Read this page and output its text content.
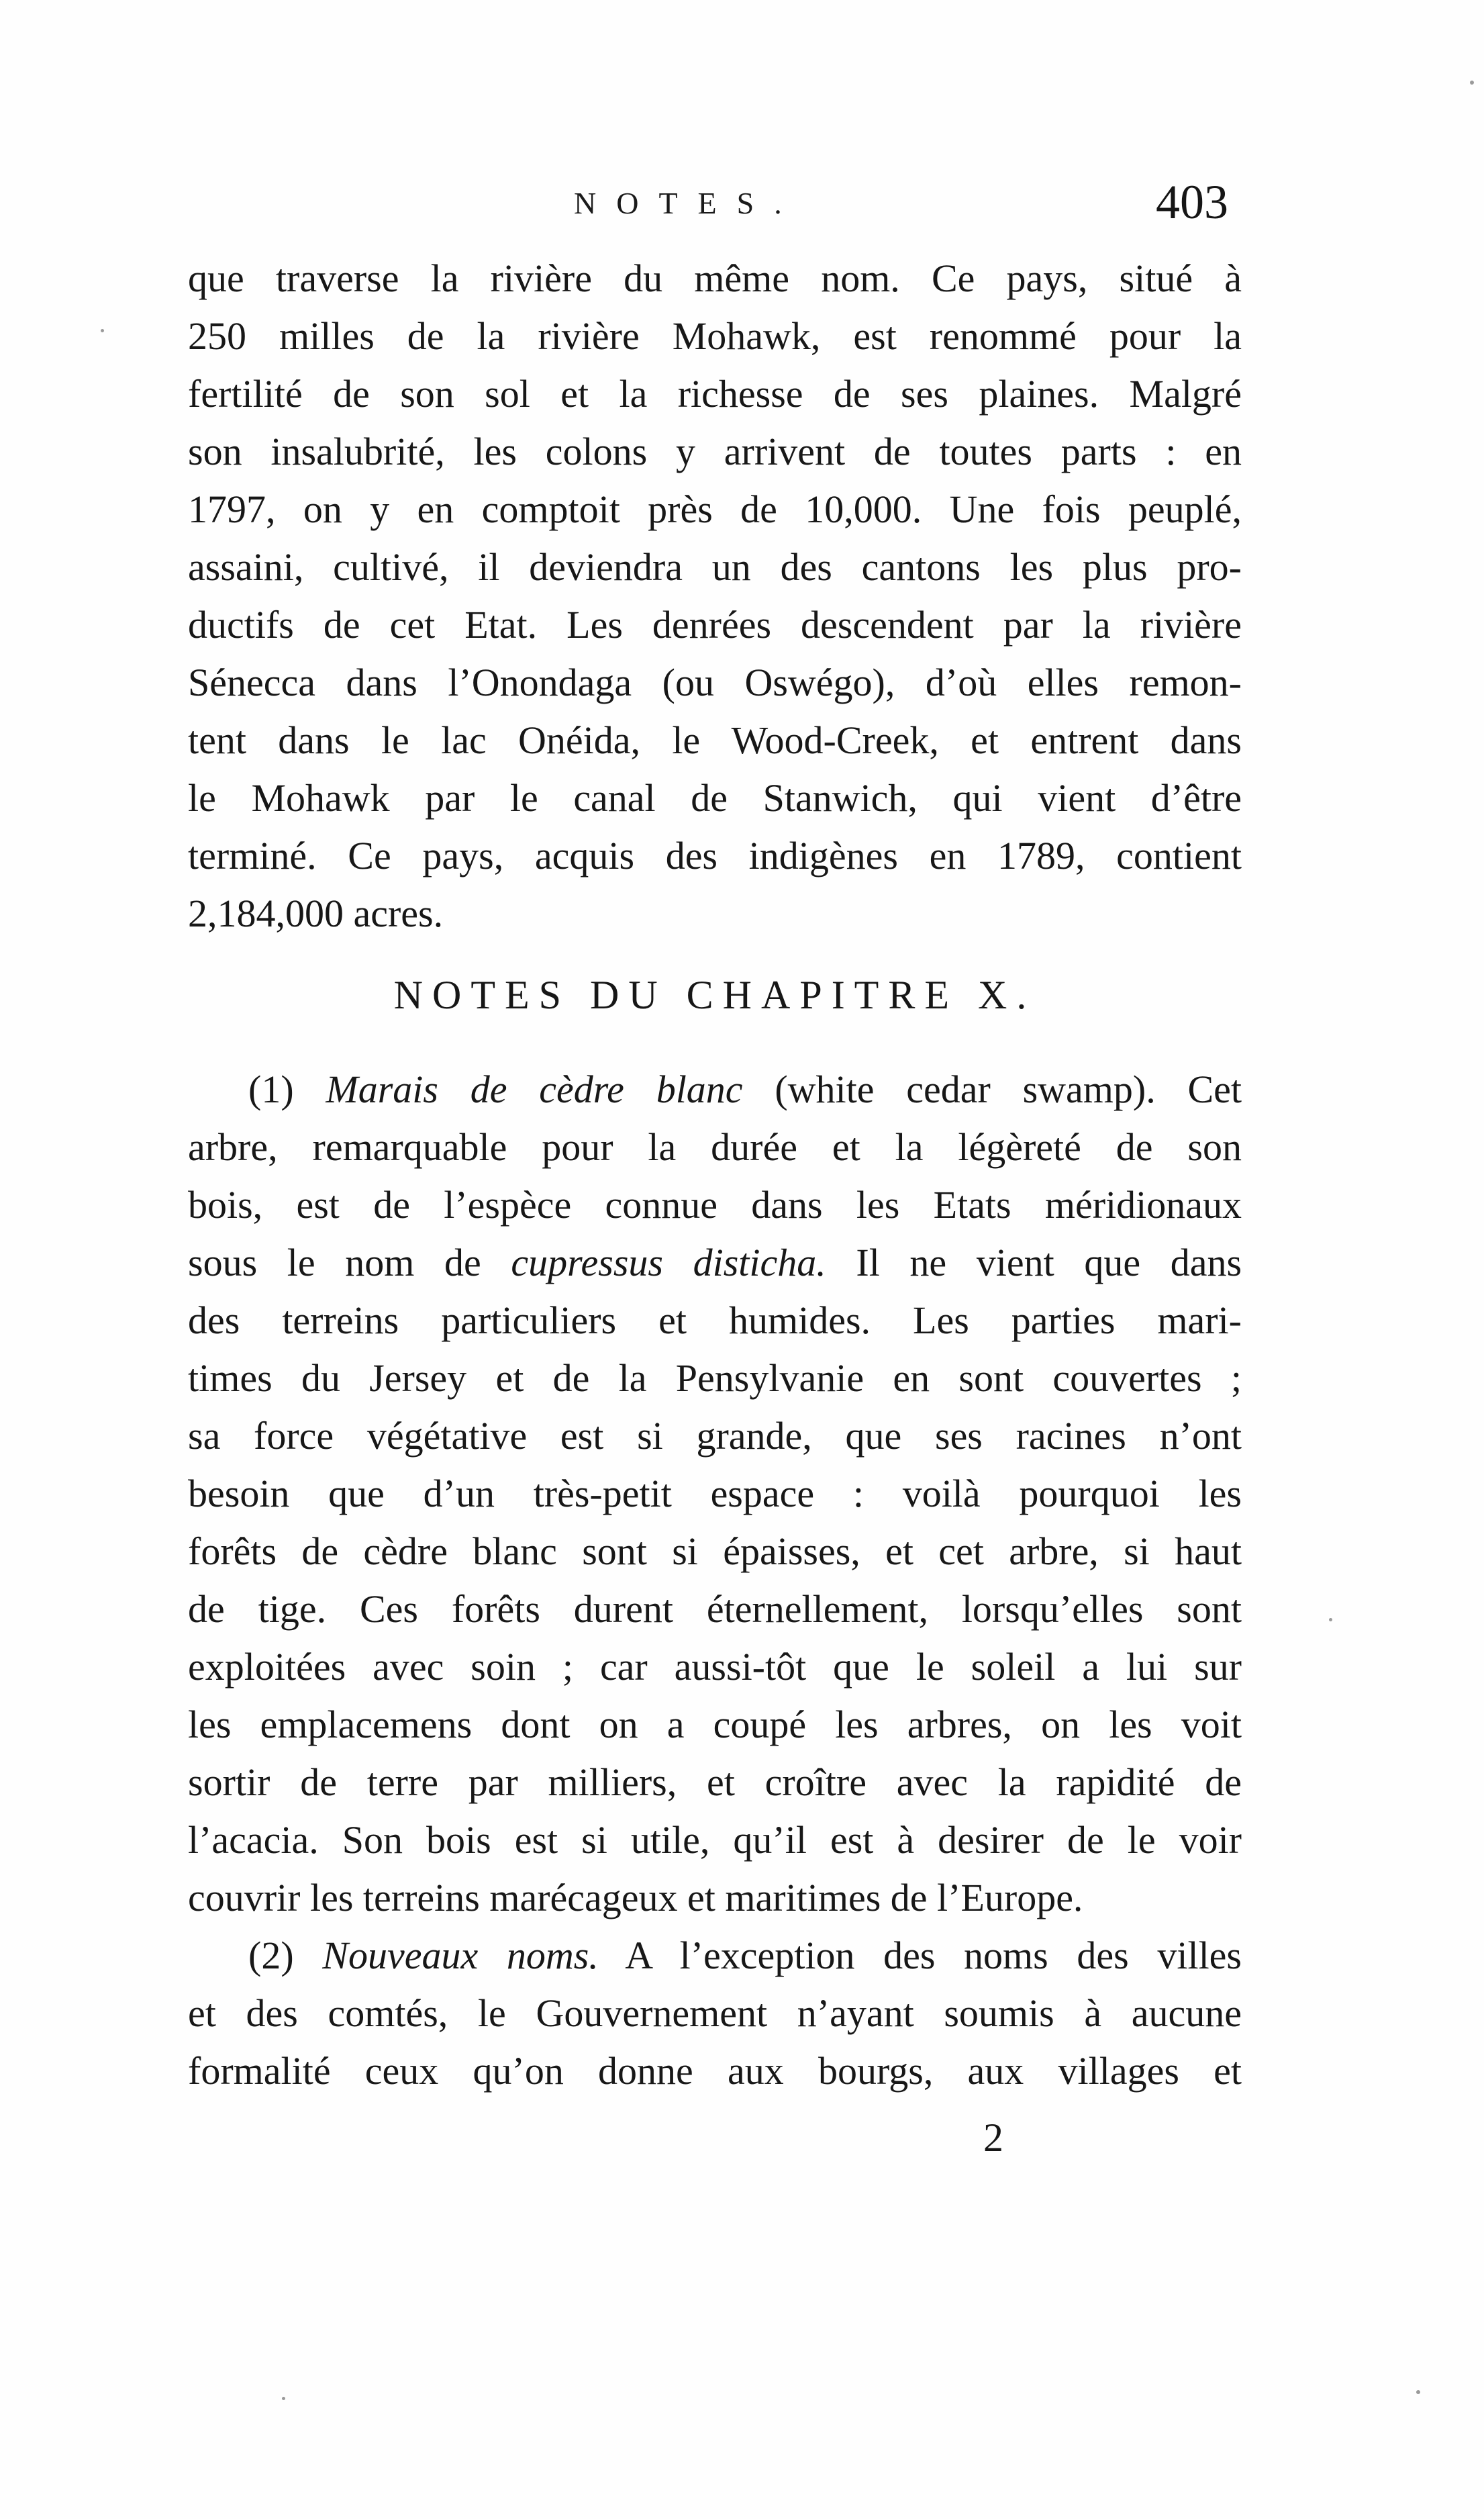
NOTES.	403
que traverse la rivière du même nom. Ce pays, situé à
250 milles de la rivière Mohawk, est renommé pour la
fertilité de son sol et la richesse de ses plaines. Malgré
son insalubrité, les colons y arrivent de toutes parts : en
1797, on y en comptoit près de 10,000. Une fois peuplé,
assaini, cultivé, il deviendra un des cantons les plus pro-
ductifs de cet Etat. Les denrées descendent par la rivière
Sénecca dans l’Onondaga (ou Oswégo), d’où elles remon-
tent dans le lac Onéida, le Wood-Creek, et entrent dans
le Mohawk par le canal de Stanwich, qui vient d’être
terminé. Ce pays, acquis des indigènes en 1789, contient
2,184,000 acres.
NOTES DU CHAPITRE X.
(1) Marais de cèdre blanc (white cedar swamp). Cet
arbre, remarquable pour la durée et la légèreté de son
bois, est de l’espèce connue dans les Etats méridionaux
sous le nom de cupressus disticha. Il ne vient que dans
des terreins particuliers et humides. Les parties mari-
times du Jersey et de la Pensylvanie en sont couvertes ;
sa force végétative est si grande, que ses racines n’ont
besoin que d’un très-petit espace : voilà pourquoi les
forêts de cèdre blanc sont si épaisses, et cet arbre, si haut
de tige. Ces forêts durent éternellement, lorsqu’elles sont
exploitées avec soin ; car aussi-tôt que le soleil a lui sur
les emplacemens dont on a coupé les arbres, on les voit
sortir de terre par milliers, et croître avec la rapidité de
l’acacia. Son bois est si utile, qu’il est à desirer de le voir
couvrir les terreins marécageux et maritimes de l’Europe.
(2) Nouveaux noms. A l’exception des noms des villes
et des comtés, le Gouvernement n’ayant soumis à aucune
formalité ceux qu’on donne aux bourgs, aux villages et
2
